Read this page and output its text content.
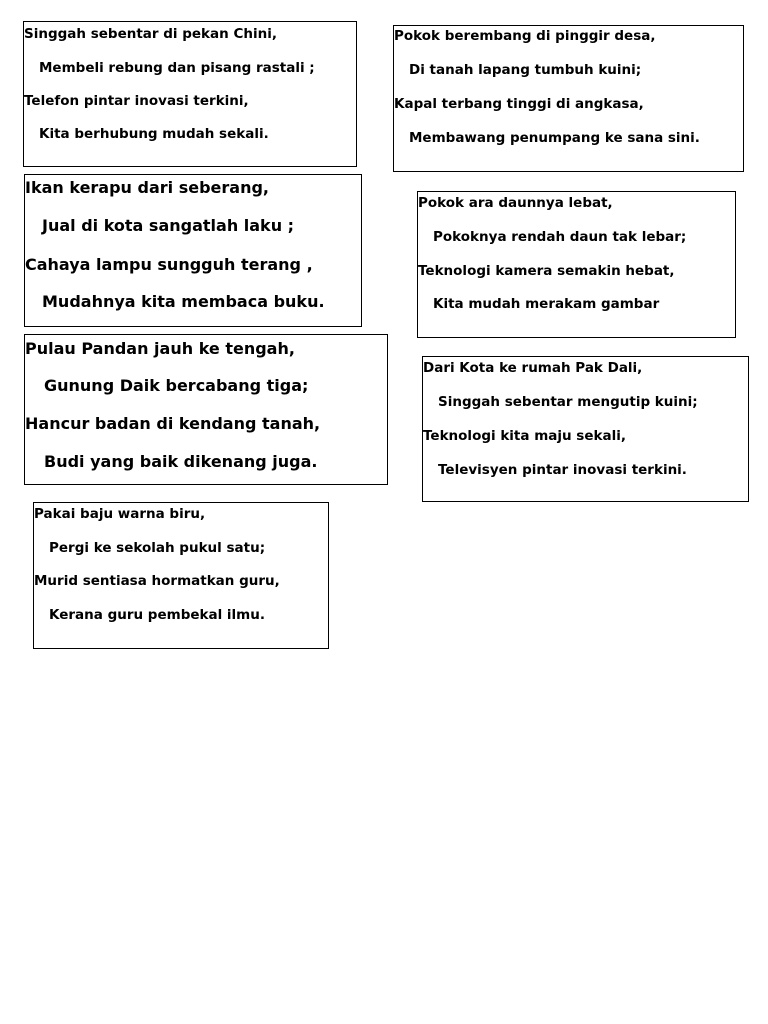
Singgah sebentar di pekan Chini,
Membeli rebung dan pisang rastali ;
Telefon pintar inovasi terkini,
Kita berhubung mudah sekali.
Pokok berembang di pinggir desa,
Di tanah lapang tumbuh kuini;
Kapal terbang tinggi di angkasa,
Membawang penumpang ke sana sini.
Ikan kerapu dari seberang,
Jual di kota sangatlah laku ;
Cahaya lampu sungguh terang ,
Mudahnya kita membaca buku.
Pokok ara daunnya lebat,
Pokoknya rendah daun tak lebar;
Teknologi kamera semakin hebat,
Kita mudah merakam gambar
Pulau Pandan jauh ke tengah,
Gunung Daik bercabang tiga;
Hancur badan di kendang tanah,
Budi yang baik dikenang juga.
Dari Kota ke rumah Pak Dali,
Singgah sebentar mengutip kuini;
Teknologi kita maju sekali,
Televisyen pintar inovasi terkini.
Pakai baju warna biru,
Pergi ke sekolah pukul satu;
Murid sentiasa hormatkan guru,
Kerana guru pembekal ilmu.
